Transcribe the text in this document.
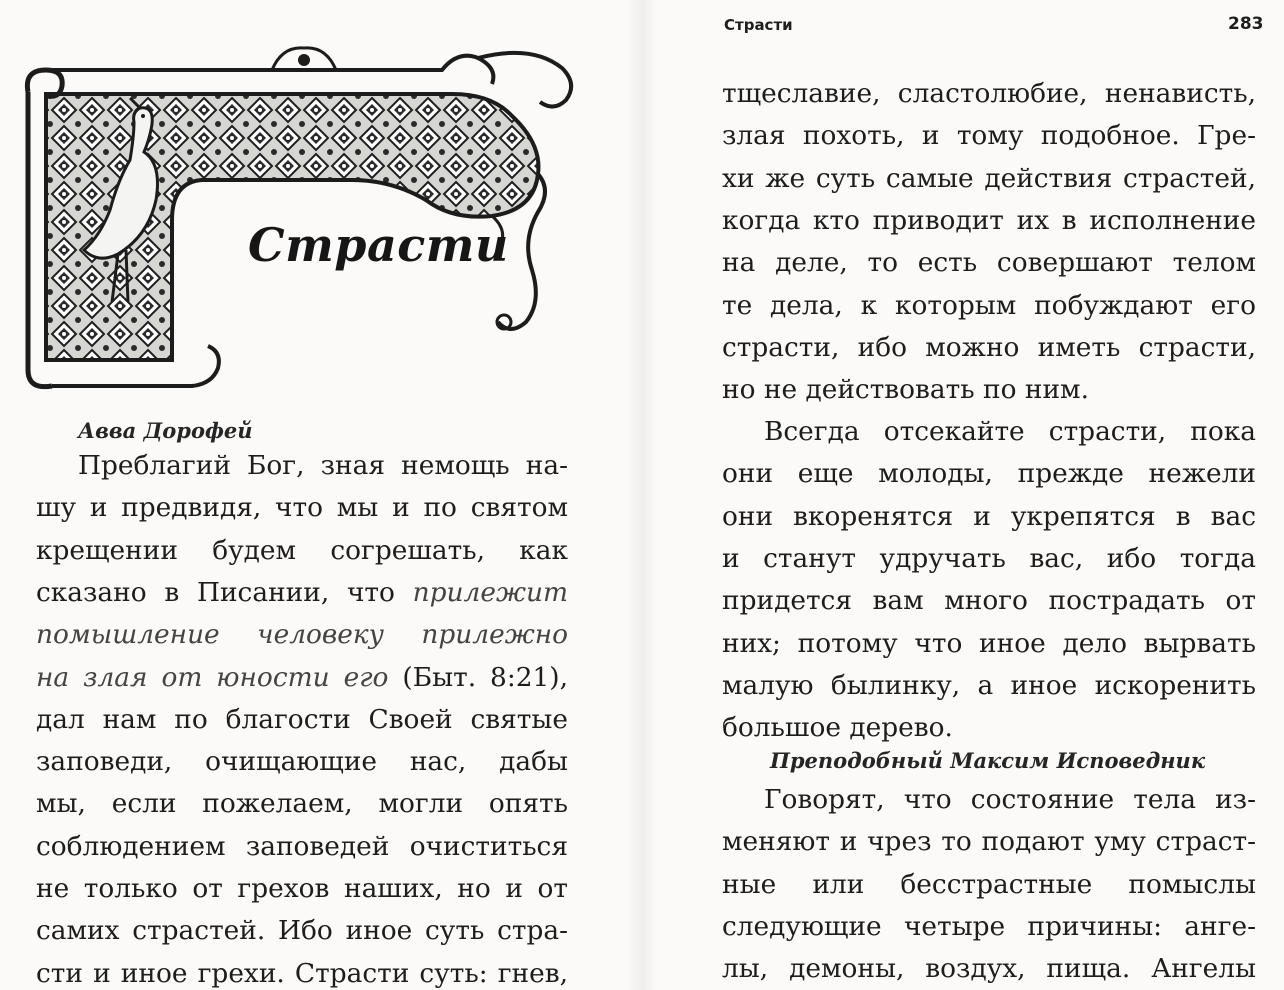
Страсти
Авва Дорофей
Преблагий Бог, зная немощь на-
шу и предвидя, что мы и по святом
крещении будем согрешать, как
сказано в Писании, что прилежит
помышление человеку прилежно
на злая от юности его (Быт. 8:21),
дал нам по благости Своей святые
заповеди, очищающие нас, дабы
мы, если пожелаем, могли опять
соблюдением заповедей очиститься
не только от грехов наших, но и от
самих страстей. Ибо иное суть стра-
сти и иное грехи. Страсти суть: гнев,
Страсти	283
тщеславие, сластолюбие, ненависть,
злая похоть, и тому подобное. Гре-
хи же суть самые действия страстей,
когда кто приводит их в исполнение
на деле, то есть совершают телом
те дела, к которым побуждают его
страсти, ибо можно иметь страсти,
но не действовать по ним.
Всегда отсекайте страсти, пока
они еще молоды, прежде нежели
они вкоренятся и укрепятся в вас
и станут удручать вас, ибо тогда
придется вам много пострадать от
них; потому что иное дело вырвать
малую былинку, а иное искоренить
большое дерево.
Преподобный Максим Исповедник
Говорят, что состояние тела из-
меняют и чрез то подают уму страст-
ные или бесстрастные помыслы
следующие четыре причины: анге-
лы, демоны, воздух, пища. Ангелы
